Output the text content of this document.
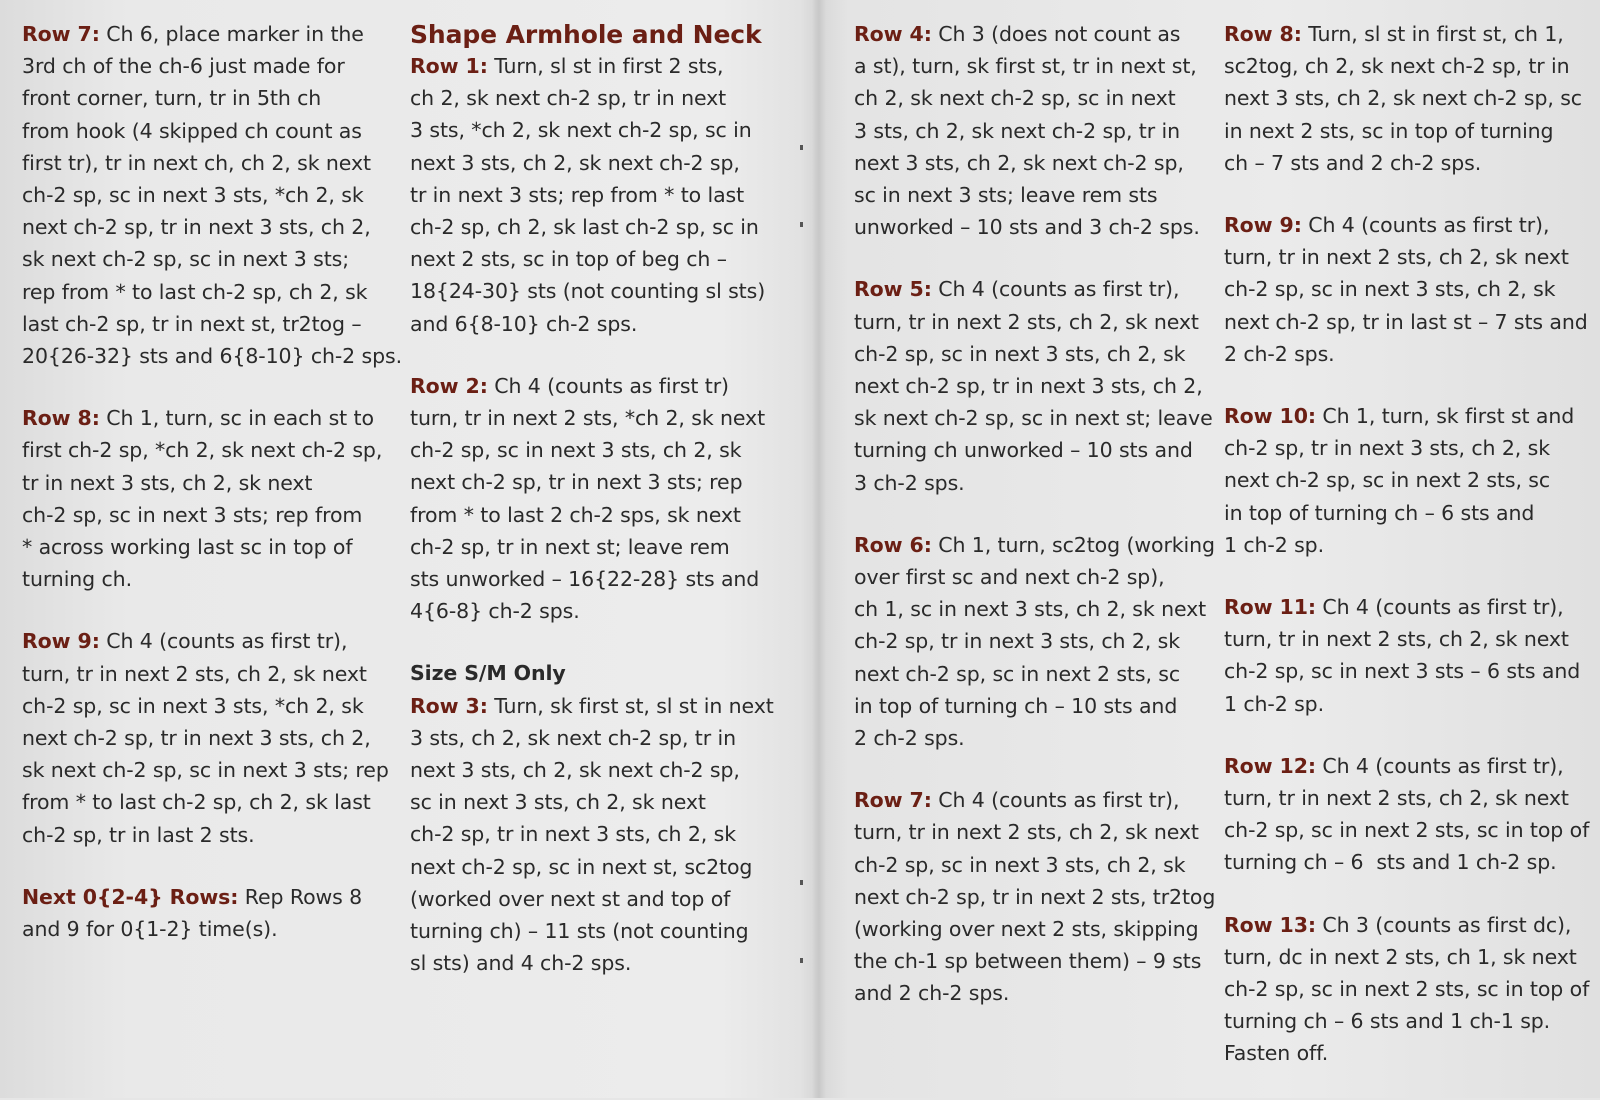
Row 7: Ch 6, place marker in the
3rd ch of the ch-6 just made for
front corner, turn, tr in 5th ch
from hook (4 skipped ch count as
first tr), tr in next ch, ch 2, sk next
ch-2 sp, sc in next 3 sts, *ch 2, sk
next ch-2 sp, tr in next 3 sts, ch 2,
sk next ch-2 sp, sc in next 3 sts;
rep from * to last ch-2 sp, ch 2, sk
last ch-2 sp, tr in next st, tr2tog –
20{26-32} sts and 6{8-10} ch-2 sps.
Row 8: Ch 1, turn, sc in each st to
first ch-2 sp, *ch 2, sk next ch-2 sp,
tr in next 3 sts, ch 2, sk next
ch-2 sp, sc in next 3 sts; rep from
* across working last sc in top of
turning ch.
Row 9: Ch 4 (counts as first tr),
turn, tr in next 2 sts, ch 2, sk next
ch-2 sp, sc in next 3 sts, *ch 2, sk
next ch-2 sp, tr in next 3 sts, ch 2,
sk next ch-2 sp, sc in next 3 sts; rep
from * to last ch-2 sp, ch 2, sk last
ch-2 sp, tr in last 2 sts.
Next 0{2-4} Rows: Rep Rows 8
and 9 for 0{1-2} time(s).
Shape Armhole and Neck
Row 1: Turn, sl st in first 2 sts,
ch 2, sk next ch-2 sp, tr in next
3 sts, *ch 2, sk next ch-2 sp, sc in
next 3 sts, ch 2, sk next ch-2 sp,
tr in next 3 sts; rep from * to last
ch-2 sp, ch 2, sk last ch-2 sp, sc in
next 2 sts, sc in top of beg ch –
18{24-30} sts (not counting sl sts)
and 6{8-10} ch-2 sps.
Row 2: Ch 4 (counts as first tr)
turn, tr in next 2 sts, *ch 2, sk next
ch-2 sp, sc in next 3 sts, ch 2, sk
next ch-2 sp, tr in next 3 sts; rep
from * to last 2 ch-2 sps, sk next
ch-2 sp, tr in next st; leave rem
sts unworked – 16{22-28} sts and
4{6-8} ch-2 sps.
Size S/M Only
Row 3: Turn, sk first st, sl st in next
3 sts, ch 2, sk next ch-2 sp, tr in
next 3 sts, ch 2, sk next ch-2 sp,
sc in next 3 sts, ch 2, sk next
ch-2 sp, tr in next 3 sts, ch 2, sk
next ch-2 sp, sc in next st, sc2tog
(worked over next st and top of
turning ch) – 11 sts (not counting
sl sts) and 4 ch-2 sps.
Row 4: Ch 3 (does not count as
a st), turn, sk first st, tr in next st,
ch 2, sk next ch-2 sp, sc in next
3 sts, ch 2, sk next ch-2 sp, tr in
next 3 sts, ch 2, sk next ch-2 sp,
sc in next 3 sts; leave rem sts
unworked – 10 sts and 3 ch-2 sps.
Row 5: Ch 4 (counts as first tr),
turn, tr in next 2 sts, ch 2, sk next
ch-2 sp, sc in next 3 sts, ch 2, sk
next ch-2 sp, tr in next 3 sts, ch 2,
sk next ch-2 sp, sc in next st; leave
turning ch unworked – 10 sts and
3 ch-2 sps.
Row 6: Ch 1, turn, sc2tog (working
over first sc and next ch-2 sp),
ch 1, sc in next 3 sts, ch 2, sk next
ch-2 sp, tr in next 3 sts, ch 2, sk
next ch-2 sp, sc in next 2 sts, sc
in top of turning ch – 10 sts and
2 ch-2 sps.
Row 7: Ch 4 (counts as first tr),
turn, tr in next 2 sts, ch 2, sk next
ch-2 sp, sc in next 3 sts, ch 2, sk
next ch-2 sp, tr in next 2 sts, tr2tog
(working over next 2 sts, skipping
the ch-1 sp between them) – 9 sts
and 2 ch-2 sps.
Row 8: Turn, sl st in first st, ch 1,
sc2tog, ch 2, sk next ch-2 sp, tr in
next 3 sts, ch 2, sk next ch-2 sp, sc
in next 2 sts, sc in top of turning
ch – 7 sts and 2 ch-2 sps.
Row 9: Ch 4 (counts as first tr),
turn, tr in next 2 sts, ch 2, sk next
ch-2 sp, sc in next 3 sts, ch 2, sk
next ch-2 sp, tr in last st – 7 sts and
2 ch-2 sps.
Row 10: Ch 1, turn, sk first st and
ch-2 sp, tr in next 3 sts, ch 2, sk
next ch-2 sp, sc in next 2 sts, sc
in top of turning ch – 6 sts and
1 ch-2 sp.
Row 11: Ch 4 (counts as first tr),
turn, tr in next 2 sts, ch 2, sk next
ch-2 sp, sc in next 3 sts – 6 sts and
1 ch-2 sp.
Row 12: Ch 4 (counts as first tr),
turn, tr in next 2 sts, ch 2, sk next
ch-2 sp, sc in next 2 sts, sc in top of
turning ch – 6  sts and 1 ch-2 sp.
Row 13: Ch 3 (counts as first dc),
turn, dc in next 2 sts, ch 1, sk next
ch-2 sp, sc in next 2 sts, sc in top of
turning ch – 6 sts and 1 ch-1 sp.
Fasten off.
